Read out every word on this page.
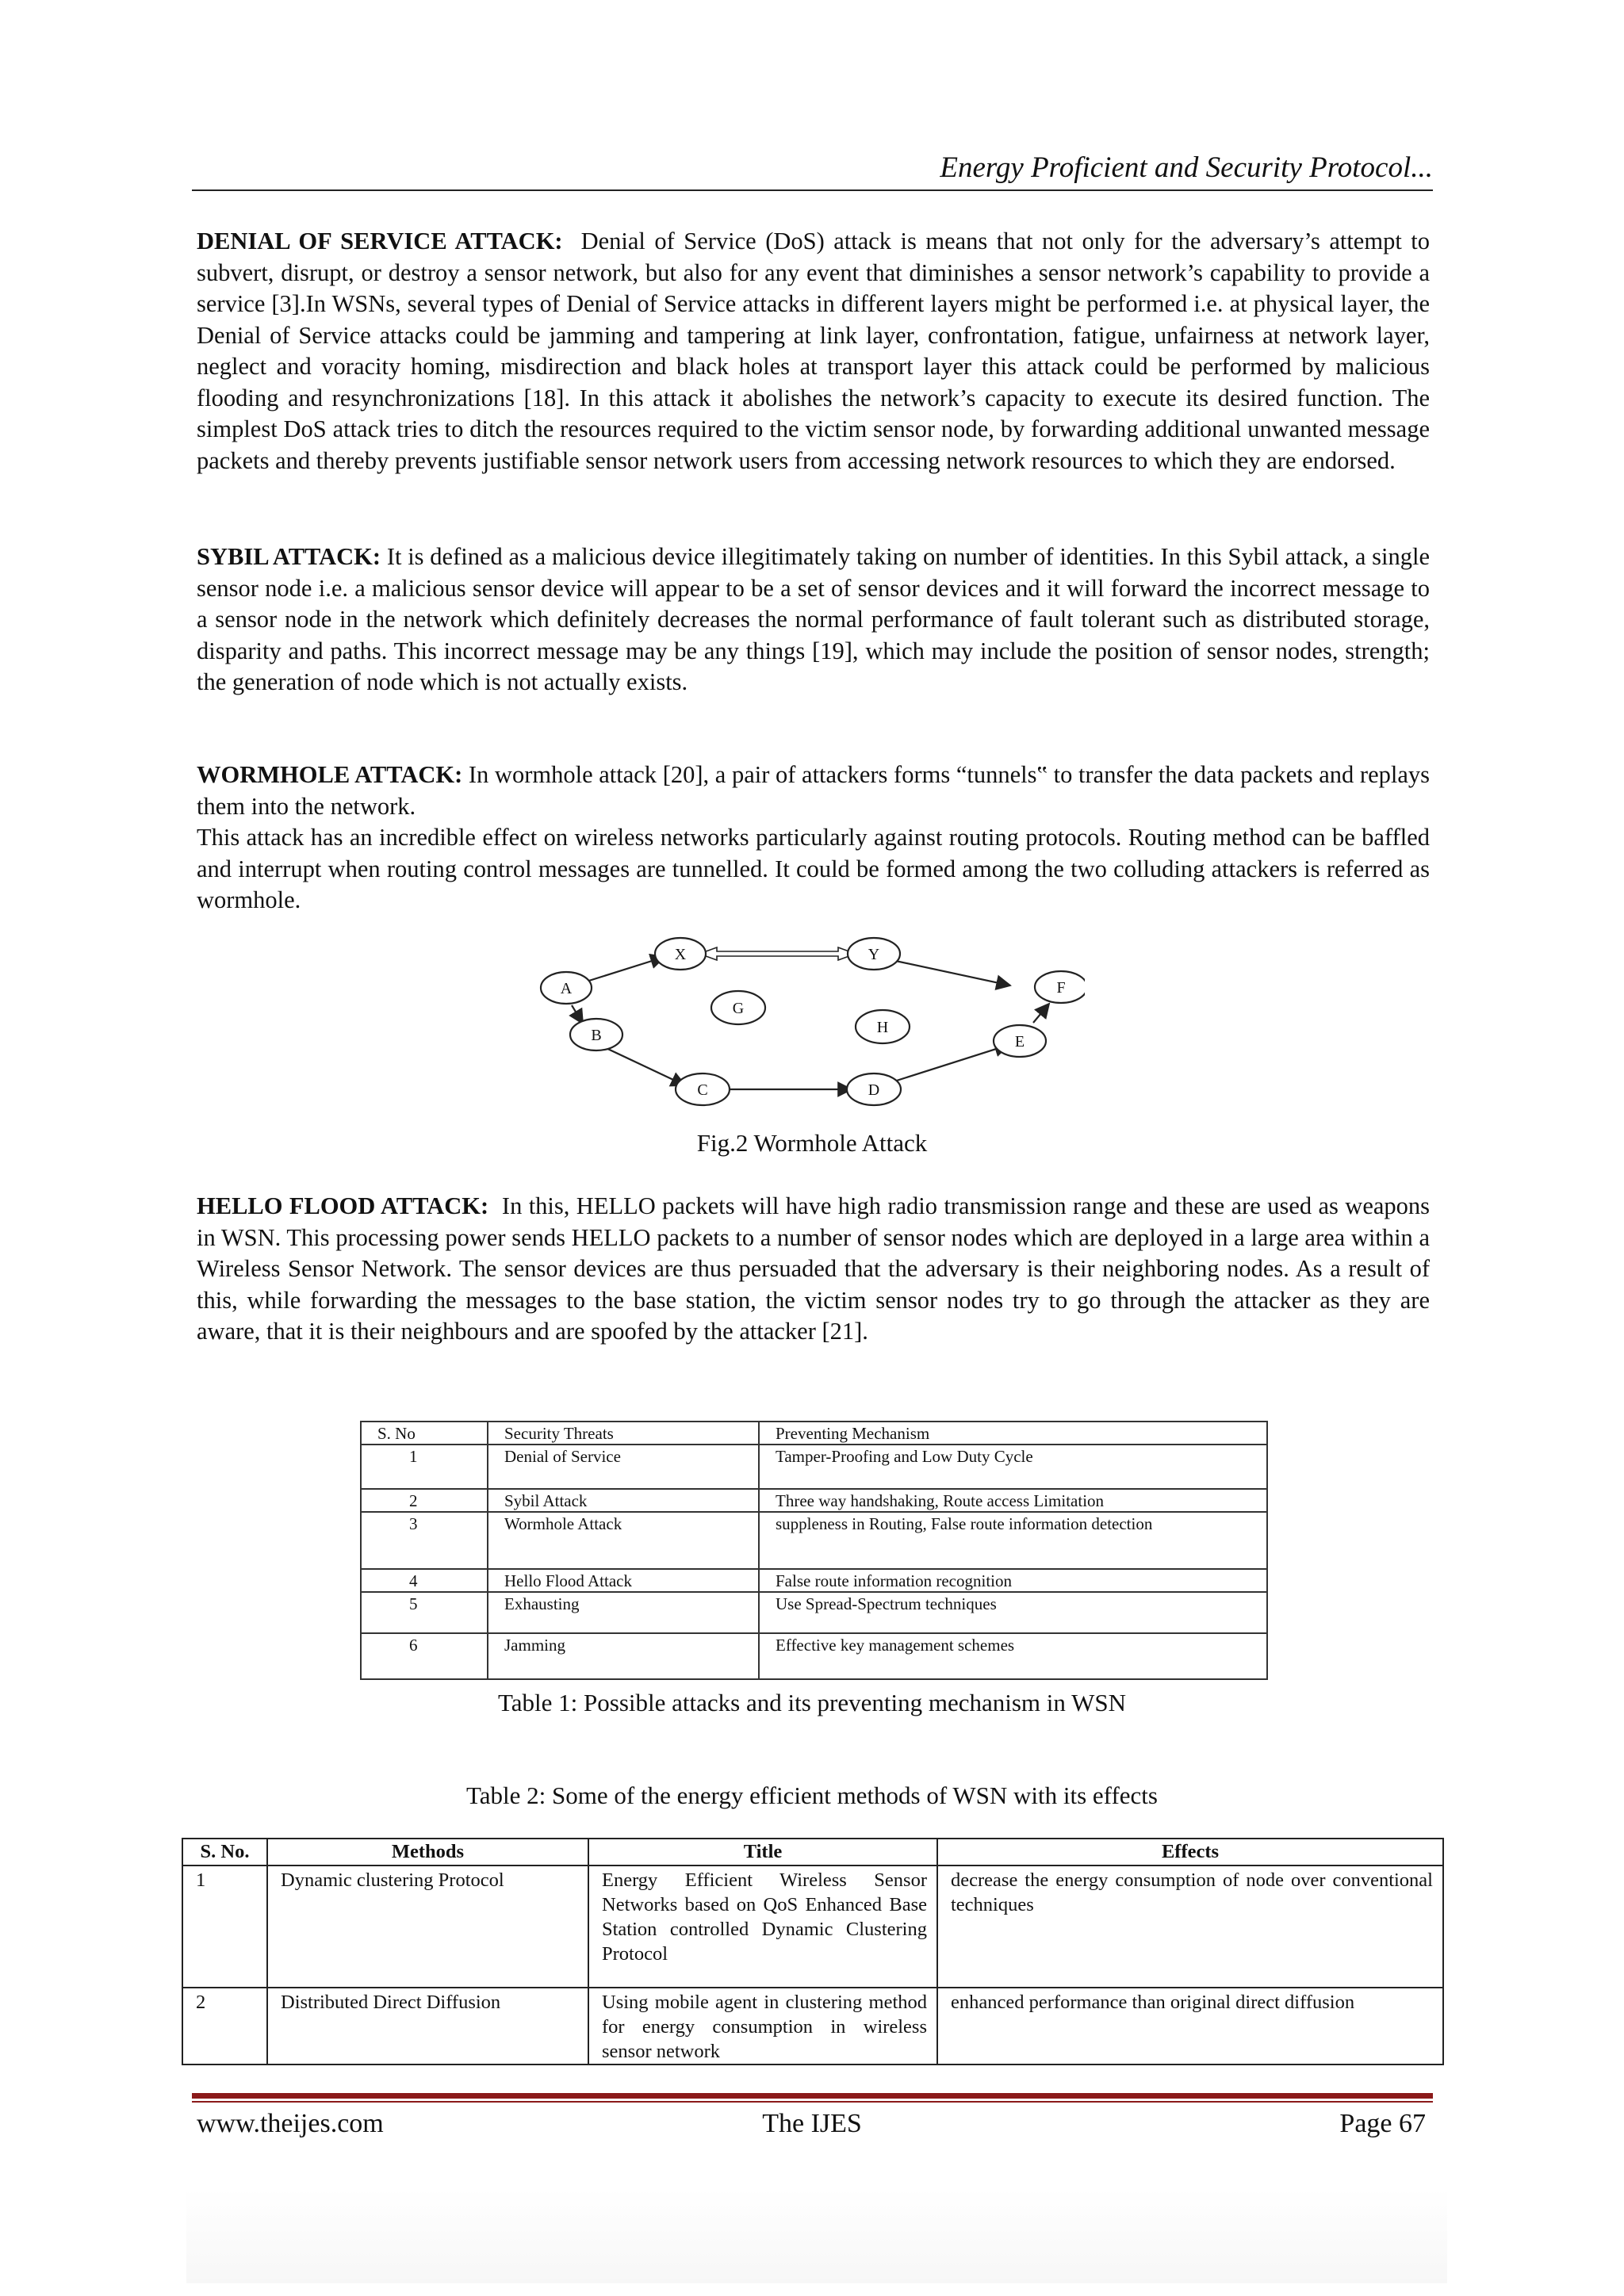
Energy Proficient and Security Protocol...

DENIAL OF SERVICE ATTACK: Denial of Service (DoS) attack is means that not only for the adversary’s attempt to subvert, disrupt, or destroy a sensor network, but also for any event that diminishes a sensor network’s capability to provide a service [3].In WSNs, several types of Denial of Service attacks in different layers might be performed i.e. at physical layer, the Denial of Service attacks could be jamming and tampering at link layer, confrontation, fatigue, unfairness at network layer, neglect and voracity homing, misdirection and black holes at transport layer this attack could be performed by malicious flooding and resynchronizations [18]. In this attack it abolishes the network’s capacity to execute its desired function. The simplest DoS attack tries to ditch the resources required to the victim sensor node, by forwarding additional unwanted message packets and thereby prevents justifiable sensor network users from accessing network resources to which they are endorsed.

SYBIL ATTACK: It is defined as a malicious device illegitimately taking on number of identities. In this Sybil attack, a single sensor node i.e. a malicious sensor device will appear to be a set of sensor devices and it will forward the incorrect message to a sensor node in the network which definitely decreases the normal performance of fault tolerant such as distributed storage, disparity and paths. This incorrect message may be any things [19], which may include the position of sensor nodes, strength; the generation of node which is not actually exists.

WORMHOLE ATTACK: In wormhole attack [20], a pair of attackers forms “tunnels‟ to transfer the data packets and replays them into the network.

This attack has an incredible effect on wireless networks particularly against routing protocols. Routing method can be baffled and interrupt when routing control messages are tunnelled. It could be formed among the two colluding attackers is referred as wormhole.

A
B
C	D
E
F
X	Y
G
H
Fig.2 Wormhole Attack

HELLO FLOOD ATTACK: In this, HELLO packets will have high radio transmission range and these are used as weapons in WSN. This processing power sends HELLO packets to a number of sensor nodes which are deployed in a large area within a Wireless Sensor Network. The sensor devices are thus persuaded that the adversary is their neighboring nodes. As a result of this, while forwarding the messages to the base station, the victim sensor nodes try to go through the attacker as they are aware, that it is their neighbours and are spoofed by the attacker [21].

S. No	Security Threats	Preventing Mechanism
1	Denial of Service	Tamper-Proofing and Low Duty Cycle
2	Sybil Attack	Three way handshaking, Route access Limitation
3	Wormhole Attack	suppleness in Routing, False route information detection
4	Hello Flood Attack	False route information recognition
5	Exhausting	Use Spread-Spectrum techniques
6	Jamming	Effective key management schemes
Table 1: Possible attacks and its preventing mechanism in WSN
Table 2: Some of the energy efficient methods of WSN with its effects
S. No.	Methods	Title	Effects
1	Dynamic clustering Protocol	Energy Efficient Wireless Sensor Networks based on QoS Enhanced Base Station controlled Dynamic Clustering Protocol	decrease the energy consumption of node over conventional techniques
2	Distributed Direct Diffusion	Using mobile agent in clustering method for energy consumption in wireless sensor network	enhanced performance than original direct diffusion
www.theijes.com	The IJES	Page 67
